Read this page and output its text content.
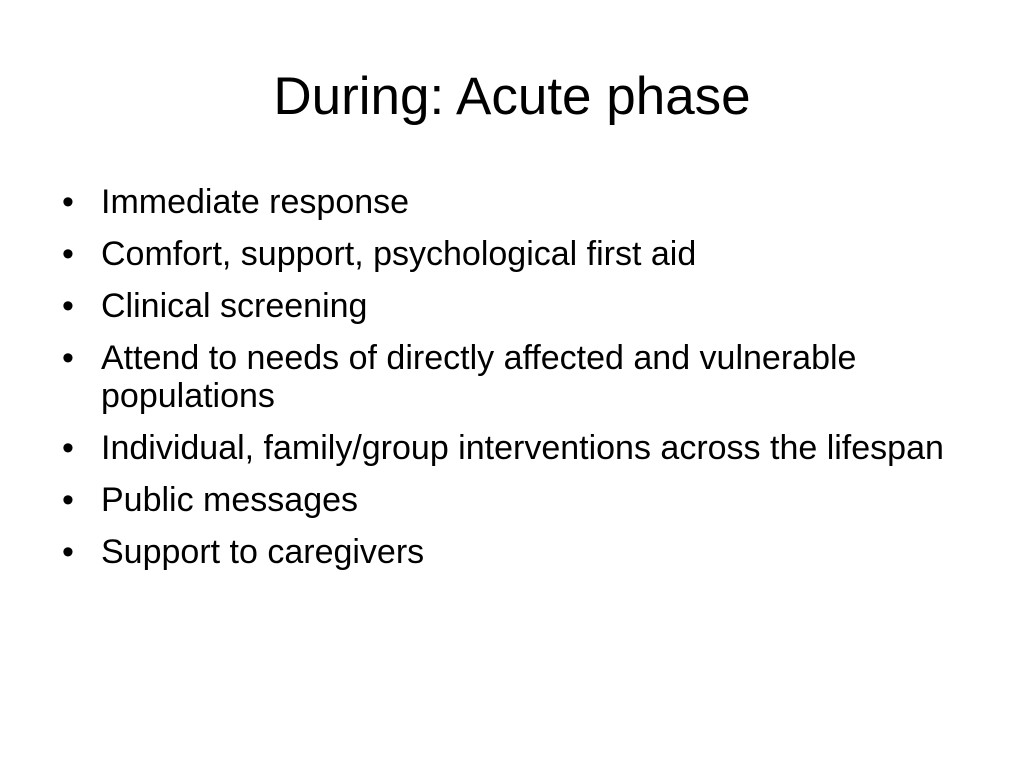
During: Acute phase
• Immediate response
• Comfort, support, psychological first aid
• Clinical screening
• Attend to needs of directly affected and vulnerable populations
• Individual, family/group interventions across the lifespan
• Public messages
• Support to caregivers
